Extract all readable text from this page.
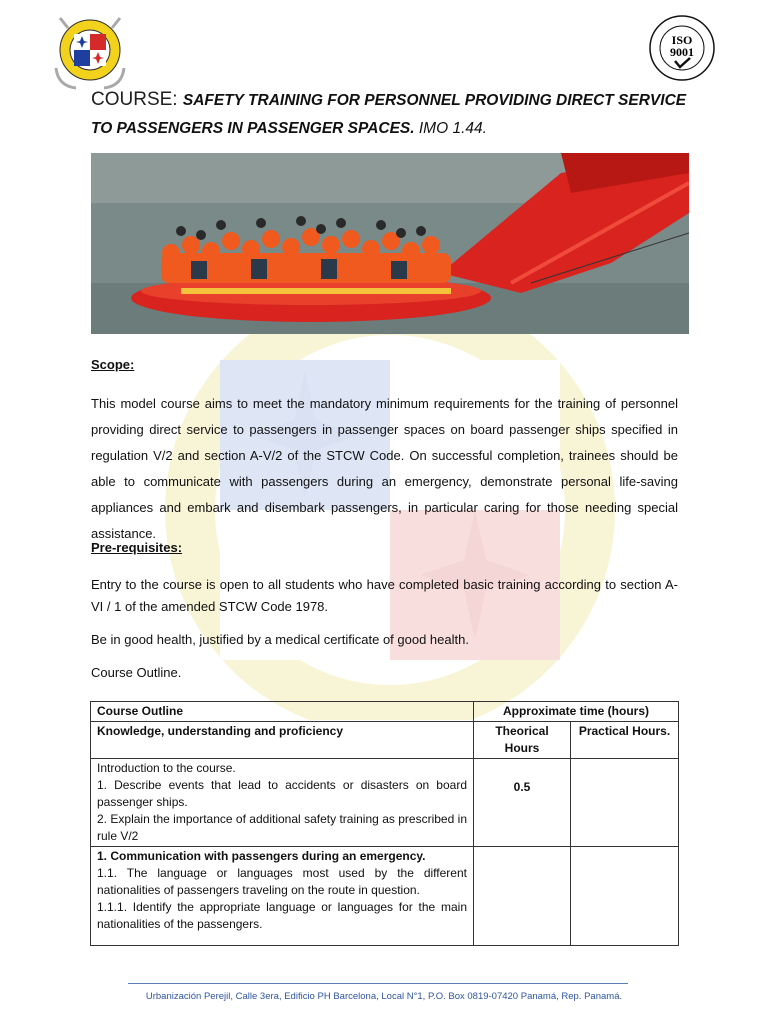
ISO
9001
COURSE: SAFETY TRAINING FOR PERSONNEL PROVIDING DIRECT SERVICE TO PASSENGERS IN PASSENGER SPACES. IMO 1.44.
Scope:
This model course aims to meet the mandatory minimum requirements for the training of personnel providing direct service to passengers in passenger spaces on board passenger ships specified in regulation V/2 and section A-V/2 of the STCW Code. On successful completion, trainees should be able to communicate with passengers during an emergency, demonstrate personal life-saving appliances and embark and disembark passengers, in particular caring for those needing special assistance.
Pre-requisites:
Entry to the course is open to all students who have completed basic training according to section A-VI / 1 of the amended STCW Code 1978.
Be in good health, justified by a medical certificate of good health.
Course Outline.
Course Outline	Approximate time (hours)	
Knowledge, understanding and proficiency	Theorical Hours	Practical Hours.

Introduction to the course.
1. Describe events that lead to accidents or disasters on board passenger ships.
2. Explain the importance of additional safety training as prescribed in rule V/2	0.5	

1. Communication with passengers during an emergency.
1.1. The language or languages most used by the different nationalities of passengers traveling on the route in question.
1.1.1. Identify the appropriate language or languages for the main nationalities of the passengers.		

Urbanización Perejil, Calle 3era, Edificio PH Barcelona, Local N°1, P.O. Box 0819-07420 Panamá, Rep. Panamá.
